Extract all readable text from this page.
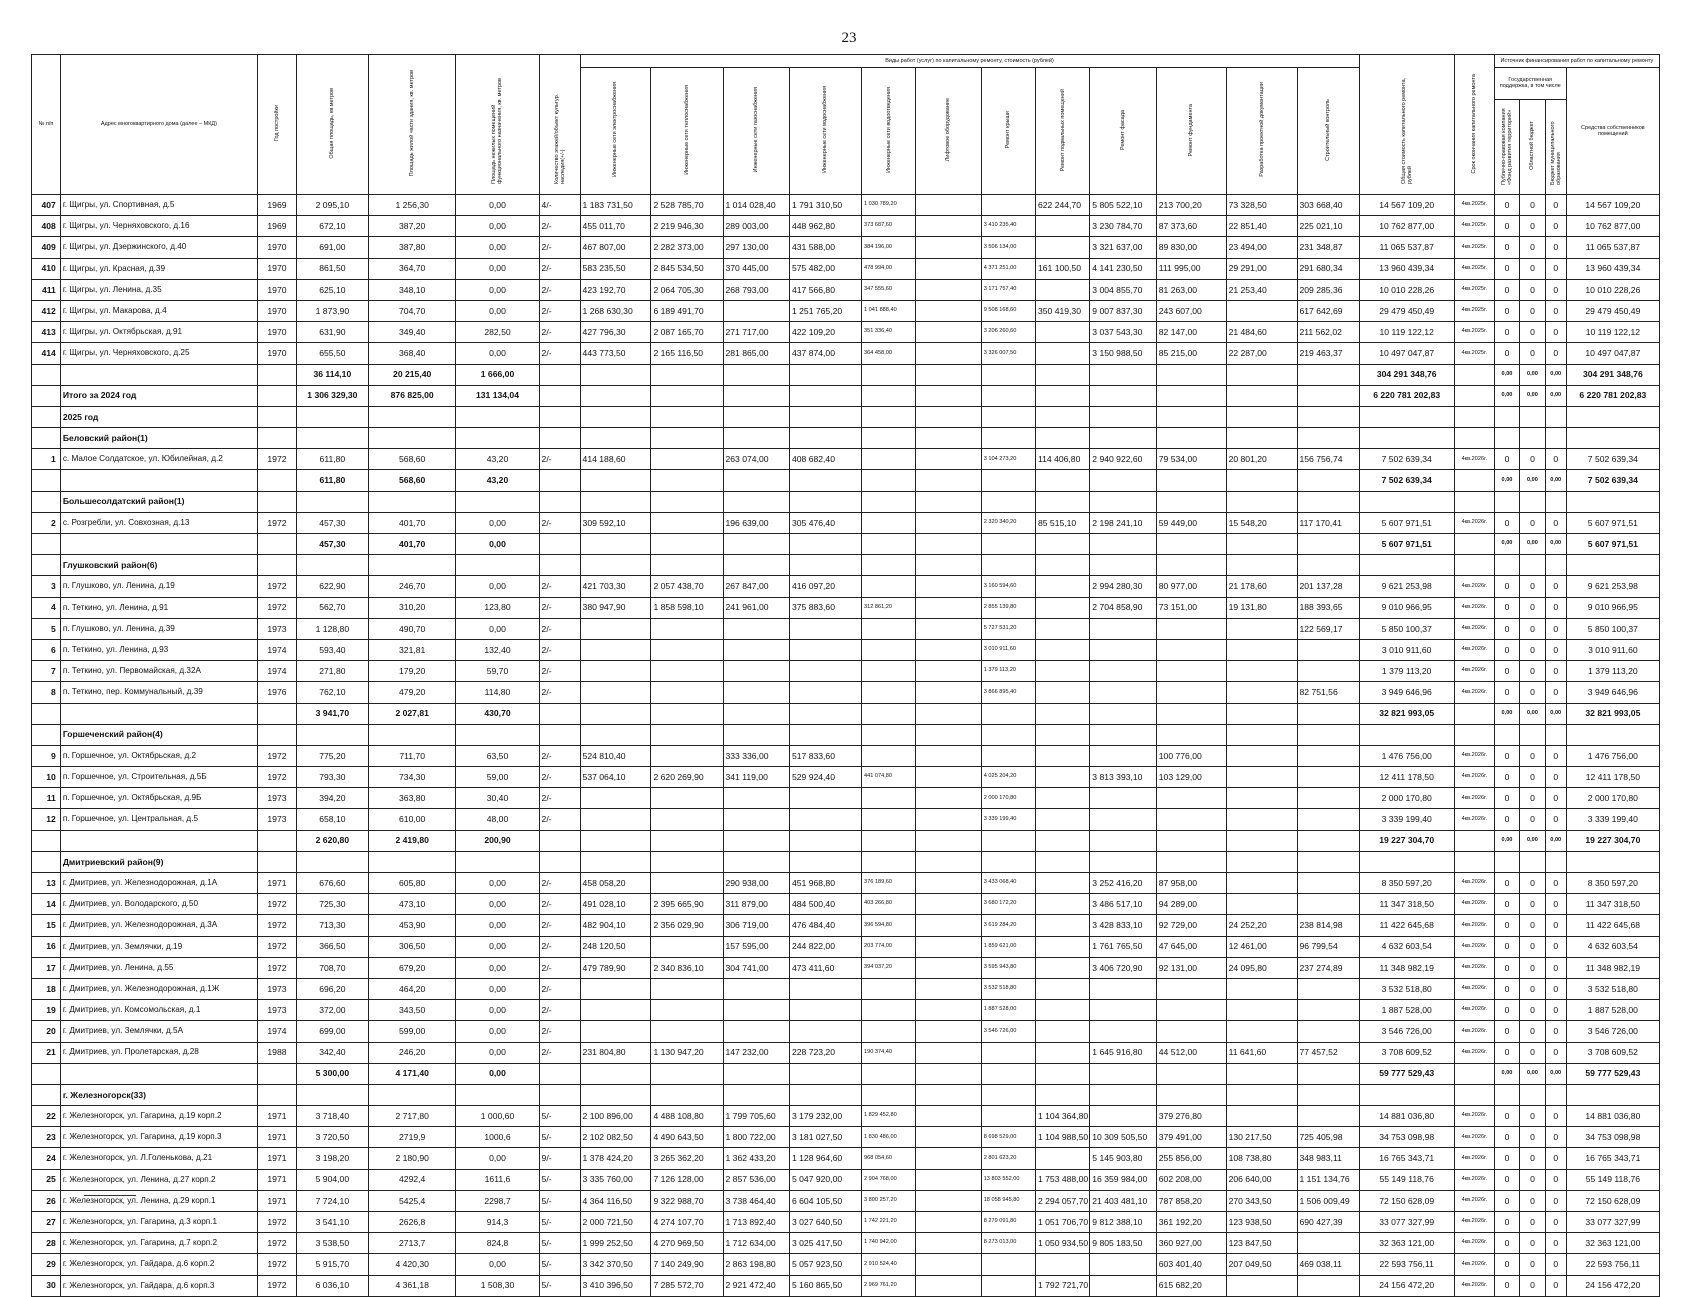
23
№ п/п	Адрес многоквартирного дома (далее – МКД)	Год постройки	Общая площадь, кв.метров	Площадь жилой части здания, кв. метров	Площадь нежилых помещений функционального назначения, кв. метров	Количество этажей/объект культур. наследия(+/-)	Виды работ (услуг) по капитальному ремонту, стоимость (рублей)												Общая стоимость капитального ремонта, рублей	Срок окончания капитального ремонта	Источник финансирования работ по капитальному ремонту			
							Инженерные сети электроснабжения	Инженерные сети теплоснабжения	Инженерные сети газоснабжения	Инженерные сети водоснабжения	Инженерные сети водоотведения	Лифтовое оборудование	Ремонт крыши	Ремонт подвальных помещений	Ремонт фасада	Ремонт фундамента	Разработка проектной документации	Строительный контроль			Государственная поддержка, в том числе			Средства собственников помещений
																					Публично-правовая компания «Фонд развития территорий»	Областной бюджет	Бюджет муниципального образования	
407	г. Щигры, ул. Спортивная, д.5	1969	2 095,10	1 256,30	0,00	4/-	1 183 731,50	2 528 785,70	1 014 028,40	1 791 310,50	1 030 789,20			622 244,70	5 805 522,10	213 700,20	73 328,50	303 668,40	14 567 109,20	4кв.2025г.	0	0	0	14 567 109,20
408	г. Щигры, ул. Черняховского, д.16	1969	672,10	387,20	0,00	2/-	455 011,70	2 219 946,30	289 003,00	448 962,80	373 687,60		3 410 235,40		3 230 784,70	87 373,60	22 851,40	225 021,10	10 762 877,00	4кв.2025г.	0	0	0	10 762 877,00
409	г. Щигры, ул. Дзержинского, д.40	1970	691,00	387,80	0,00	2/-	467 807,00	2 282 373,00	297 130,00	431 588,00	384 196,00		3 506 134,00		3 321 637,00	89 830,00	23 494,00	231 348,87	11 065 537,87	4кв.2025г.	0	0	0	11 065 537,87
410	г. Щигры, ул. Красная, д.39	1970	861,50	364,70	0,00	2/-	583 235,50	2 845 534,50	370 445,00	575 482,00	478 994,00		4 371 251,00	161 100,50	4 141 230,50	111 995,00	29 291,00	291 680,34	13 960 439,34	4кв.2025г.	0	0	0	13 960 439,34
411	г. Щигры, ул. Ленина, д.35	1970	625,10	348,10	0,00	2/-	423 192,70	2 064 705,30	268 793,00	417 566,80	347 555,60		3 171 757,40		3 004 855,70	81 263,00	21 253,40	209 285,36	10 010 228,26	4кв.2025г.	0	0	0	10 010 228,26
412	г. Щигры, ул. Макарова, д.4	1970	1 873,90	704,70	0,00	2/-	1 268 630,30	6 189 491,70		1 251 765,20	1 041 888,40		9 508 168,60	350 419,30	9 007 837,30	243 607,00		617 642,69	29 479 450,49	4кв.2025г.	0	0	0	29 479 450,49
413	г. Щигры, ул. Октябрьская, д.91	1970	631,90	349,40	282,50	2/-	427 796,30	2 087 165,70	271 717,00	422 109,20	351 336,40		3 206 260,60		3 037 543,30	82 147,00	21 484,60	211 562,02	10 119 122,12	4кв.2025г.	0	0	0	10 119 122,12
414	г. Щигры, ул. Черняховского, д.25	1970	655,50	368,40	0,00	2/-	443 773,50	2 165 116,50	281 865,00	437 874,00	364 458,00		3 326 007,50		3 150 988,50	85 215,00	22 287,00	219 463,37	10 497 047,87	4кв.2025г.	0	0	0	10 497 047,87
			36 114,10	20 215,40	1 666,00														304 291 348,76		0,00	0,00	0,00	304 291 348,76
	Итого за 2024 год		1 306 329,30	876 825,00	131 134,04														6 220 781 202,83		0,00	0,00	0,00	6 220 781 202,83
	2025 год																							
	Беловский район(1)																							
1	с. Малое Солдатское, ул. Юбилейная, д.2	1972	611,80	568,60	43,20	2/-	414 188,60		263 074,00	408 682,40			3 104 273,20	114 406,80	2 940 922,60	79 534,00	20 801,20	156 756,74	7 502 639,34	4кв.2026г.	0	0	0	7 502 639,34
			611,80	568,60	43,20														7 502 639,34		0,00	0,00	0,00	7 502 639,34
	Большесолдатский район(1)																							
2	с. Розгребли, ул. Совхозная, д.13	1972	457,30	401,70	0,00	2/-	309 592,10		196 639,00	305 476,40			2 320 340,20	85 515,10	2 198 241,10	59 449,00	15 548,20	117 170,41	5 607 971,51	4кв.2026г.	0	0	0	5 607 971,51
			457,30	401,70	0,00														5 607 971,51		0,00	0,00	0,00	5 607 971,51
	Глушковский район(6)																							
3	п. Глушково, ул. Ленина, д.19	1972	622,90	246,70	0,00	2/-	421 703,30	2 057 438,70	267 847,00	416 097,20			3 160 594,60		2 994 280,30	80 977,00	21 178,60	201 137,28	9 621 253,98	4кв.2026г.	0	0	0	9 621 253,98
4	п. Теткино, ул. Ленина, д.91	1972	562,70	310,20	123,80	2/-	380 947,90	1 858 598,10	241 961,00	375 883,60	312 861,20		2 855 139,80		2 704 858,90	73 151,00	19 131,80	188 393,65	9 010 966,95	4кв.2026г.	0	0	0	9 010 966,95
5	п. Глушково, ул. Ленина, д.39	1973	1 128,80	490,70	0,00	2/-							5 727 531,20					122 569,17	5 850 100,37	4кв.2026г.	0	0	0	5 850 100,37
6	п. Теткино, ул. Ленина, д.93	1974	593,40	321,81	132,40	2/-							3 010 911,60						3 010 911,60	4кв.2026г.	0	0	0	3 010 911,60
7	п. Теткино, ул. Первомайская, д.32А	1974	271,80	179,20	59,70	2/-							1 379 113,20						1 379 113,20	4кв.2026г.	0	0	0	1 379 113,20
8	п. Теткино, пер. Коммунальный, д.39	1976	762,10	479,20	114,80	2/-							3 866 895,40					82 751,56	3 949 646,96	4кв.2026г.	0	0	0	3 949 646,96
			3 941,70	2 027,81	430,70														32 821 993,05		0,00	0,00	0,00	32 821 993,05
	Горшеченский район(4)																							
9	п. Горшечное, ул. Октябрьская, д.2	1972	775,20	711,70	63,50	2/-	524 810,40		333 336,00	517 833,60						100 776,00			1 476 756,00	4кв.2026г.	0	0	0	1 476 756,00
10	п. Горшечное, ул. Строительная, д.5Б	1972	793,30	734,30	59,00	2/-	537 064,10	2 620 269,90	341 119,00	529 924,40	441 074,80		4 025 204,20		3 813 393,10	103 129,00			12 411 178,50	4кв.2026г.	0	0	0	12 411 178,50
11	п. Горшечное, ул. Октябрьская, д.9Б	1973	394,20	363,80	30,40	2/-							2 000 170,80						2 000 170,80	4кв.2026г.	0	0	0	2 000 170,80
12	п. Горшечное, ул. Центральная, д.5	1973	658,10	610,00	48,00	2/-							3 339 199,40						3 339 199,40	4кв.2026г.	0	0	0	3 339 199,40
			2 620,80	2 419,80	200,90														19 227 304,70		0,00	0,00	0,00	19 227 304,70
	Дмитриевский район(9)																							
13	г. Дмитриев, ул. Железнодорожная, д.1А	1971	676,60	605,80	0,00	2/-	458 058,20		290 938,00	451 968,80	376 189,60		3 433 068,40		3 252 416,20	87 958,00			8 350 597,20	4кв.2026г.	0	0	0	8 350 597,20
14	г. Дмитриев, ул. Володарского, д.50	1972	725,30	473,10	0,00	2/-	491 028,10	2 395 665,90	311 879,00	484 500,40	403 266,80		3 680 172,20		3 486 517,10	94 289,00			11 347 318,50	4кв.2026г.	0	0	0	11 347 318,50
15	г. Дмитриев, ул. Железнодорожная, д.3А	1972	713,30	453,90	0,00	2/-	482 904,10	2 356 029,90	306 719,00	476 484,40	396 594,80		3 619 284,20		3 428 833,10	92 729,00	24 252,20	238 814,98	11 422 645,68	4кв.2026г.	0	0	0	11 422 645,68
16	г. Дмитриев, ул. Землячки, д.19	1972	366,50	306,50	0,00	2/-	248 120,50		157 595,00	244 822,00	203 774,00		1 859 621,00		1 761 765,50	47 645,00	12 461,00	96 799,54	4 632 603,54	4кв.2026г.	0	0	0	4 632 603,54
17	г. Дмитриев, ул. Ленина, д.55	1972	708,70	679,20	0,00	2/-	479 789,90	2 340 836,10	304 741,00	473 411,60	394 037,20		3 595 943,80		3 406 720,90	92 131,00	24 095,80	237 274,89	11 348 982,19	4кв.2026г.	0	0	0	11 348 982,19
18	г. Дмитриев, ул. Железнодорожная, д.1Ж	1973	696,20	464,20	0,00	2/-							3 532 518,80						3 532 518,80	4кв.2026г.	0	0	0	3 532 518,80
19	г. Дмитриев, ул. Комсомольская, д.1	1973	372,00	343,50	0,00	2/-							1 887 528,00						1 887 528,00	4кв.2026г.	0	0	0	1 887 528,00
20	г. Дмитриев, ул. Землячки, д.5А	1974	699,00	599,00	0,00	2/-							3 546 726,00						3 546 726,00	4кв.2026г.	0	0	0	3 546 726,00
21	г. Дмитриев, ул. Пролетарская, д.28	1988	342,40	246,20	0,00	2/-	231 804,80	1 130 947,20	147 232,00	228 723,20	190 374,40				1 645 916,80	44 512,00	11 641,60	77 457,52	3 708 609,52	4кв.2026г.	0	0	0	3 708 609,52
			5 300,00	4 171,40	0,00														59 777 529,43		0,00	0,00	0,00	59 777 529,43
	г. Железногорск(33)																							
22	г. Железногорск, ул. Гагарина, д.19 корп.2	1971	3 718,40	2 717,80	1 000,60	5/-	2 100 896,00	4 488 108,80	1 799 705,60	3 179 232,00	1 829 452,80			1 104 364,80		379 276,80			14 881 036,80	4кв.2026г.	0	0	0	14 881 036,80
23	г. Железногорск, ул. Гагарина, д.19 корп.3	1971	3 720,50	2719,9	1000,6	5/-	2 102 082,50	4 490 643,50	1 800 722,00	3 181 027,50	1 830 486,00		8 698 529,00	1 104 988,50	10 309 505,50	379 491,00	130 217,50	725 405,98	34 753 098,98	4кв.2026г.	0	0	0	34 753 098,98
24	г. Железногорск, ул. Л.Голенькова, д.21	1971	3 198,20	2 180,90	0,00	9/-	1 378 424,20	3 265 362,20	1 362 433,20	1 128 964,60	968 054,60		2 801 623,20		5 145 903,80	255 856,00	108 738,80	348 983,11	16 765 343,71	4кв.2026г.	0	0	0	16 765 343,71
25	г. Железногорск, ул. Ленина, д.27 корп.2	1971	5 904,00	4292,4	1611,6	5/-	3 335 760,00	7 126 128,00	2 857 536,00	5 047 920,00	2 904 768,00		13 803 552,00	1 753 488,00	16 359 984,00	602 208,00	206 640,00	1 151 134,76	55 149 118,76	4кв.2026г.	0	0	0	55 149 118,76
26	г. Железногорск, ул. Ленина, д.29 корп.1	1971	7 724,10	5425,4	2298,7	5/-	4 364 116,50	9 322 988,70	3 738 464,40	6 604 105,50	3 800 257,20		18 058 945,80	2 294 057,70	21 403 481,10	787 858,20	270 343,50	1 506 009,49	72 150 628,09	4кв.2026г.	0	0	0	72 150 628,09
27	г. Железногорск, ул. Гагарина, д.3 корп.1	1972	3 541,10	2626,8	914,3	5/-	2 000 721,50	4 274 107,70	1 713 892,40	3 027 640,50	1 742 221,20		8 279 091,80	1 051 706,70	9 812 388,10	361 192,20	123 938,50	690 427,39	33 077 327,99	4кв.2026г.	0	0	0	33 077 327,99
28	г. Железногорск, ул. Гагарина, д.7 корп.2	1972	3 538,50	2713,7	824,8	5/-	1 999 252,50	4 270 969,50	1 712 634,00	3 025 417,50	1 740 942,00		8 273 013,00	1 050 934,50	9 805 183,50	360 927,00	123 847,50		32 363 121,00	4кв.2026г.	0	0	0	32 363 121,00
29	г. Железногорск, ул. Гайдара, д.6 корп.2	1972	5 915,70	4 420,30	0,00	5/-	3 342 370,50	7 140 249,90	2 863 198,80	5 057 923,50	2 910 524,40					603 401,40	207 049,50	469 038,11	22 593 756,11	4кв.2026г.	0	0	0	22 593 756,11
30	г. Железногорск, ул. Гайдара, д.6 корп.3	1972	6 036,10	4 361,18	1 508,30	5/-	3 410 396,50	7 285 572,70	2 921 472,40	5 160 865,50	2 969 761,20			1 792 721,70		615 682,20			24 156 472,20	4кв.2026г.	0	0	0	24 156 472,20
